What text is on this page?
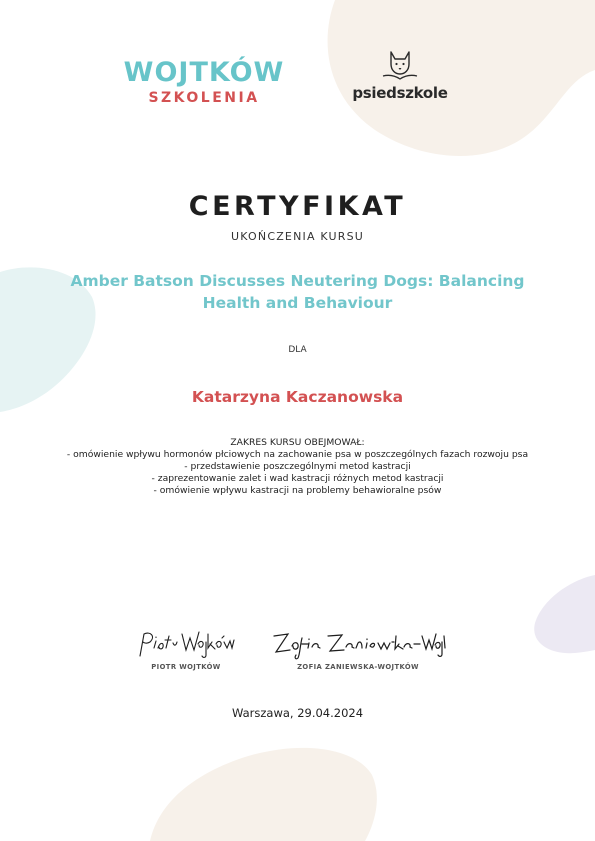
WOJTKÓW
SZKOLENIA	psiedszkole
CERTYFIKAT
UKOŃCZENIA KURSU
Amber Batson Discusses Neutering Dogs: Balancing Health and Behaviour
DLA
Katarzyna Kaczanowska
ZAKRES KURSU OBEJMOWAŁ:
- omówienie wpływu hormonów płciowych na zachowanie psa w poszczególnych fazach rozwoju psa
- przedstawienie poszczególnymi metod kastracji
- zaprezentowanie zalet i wad kastracji różnych metod kastracji
- omówienie wpływu kastracji na problemy behawioralne psów
PIOTR WOJTKÓW	ZOFIA ZANIEWSKA-WOJTKÓW
Warszawa, 29.04.2024
